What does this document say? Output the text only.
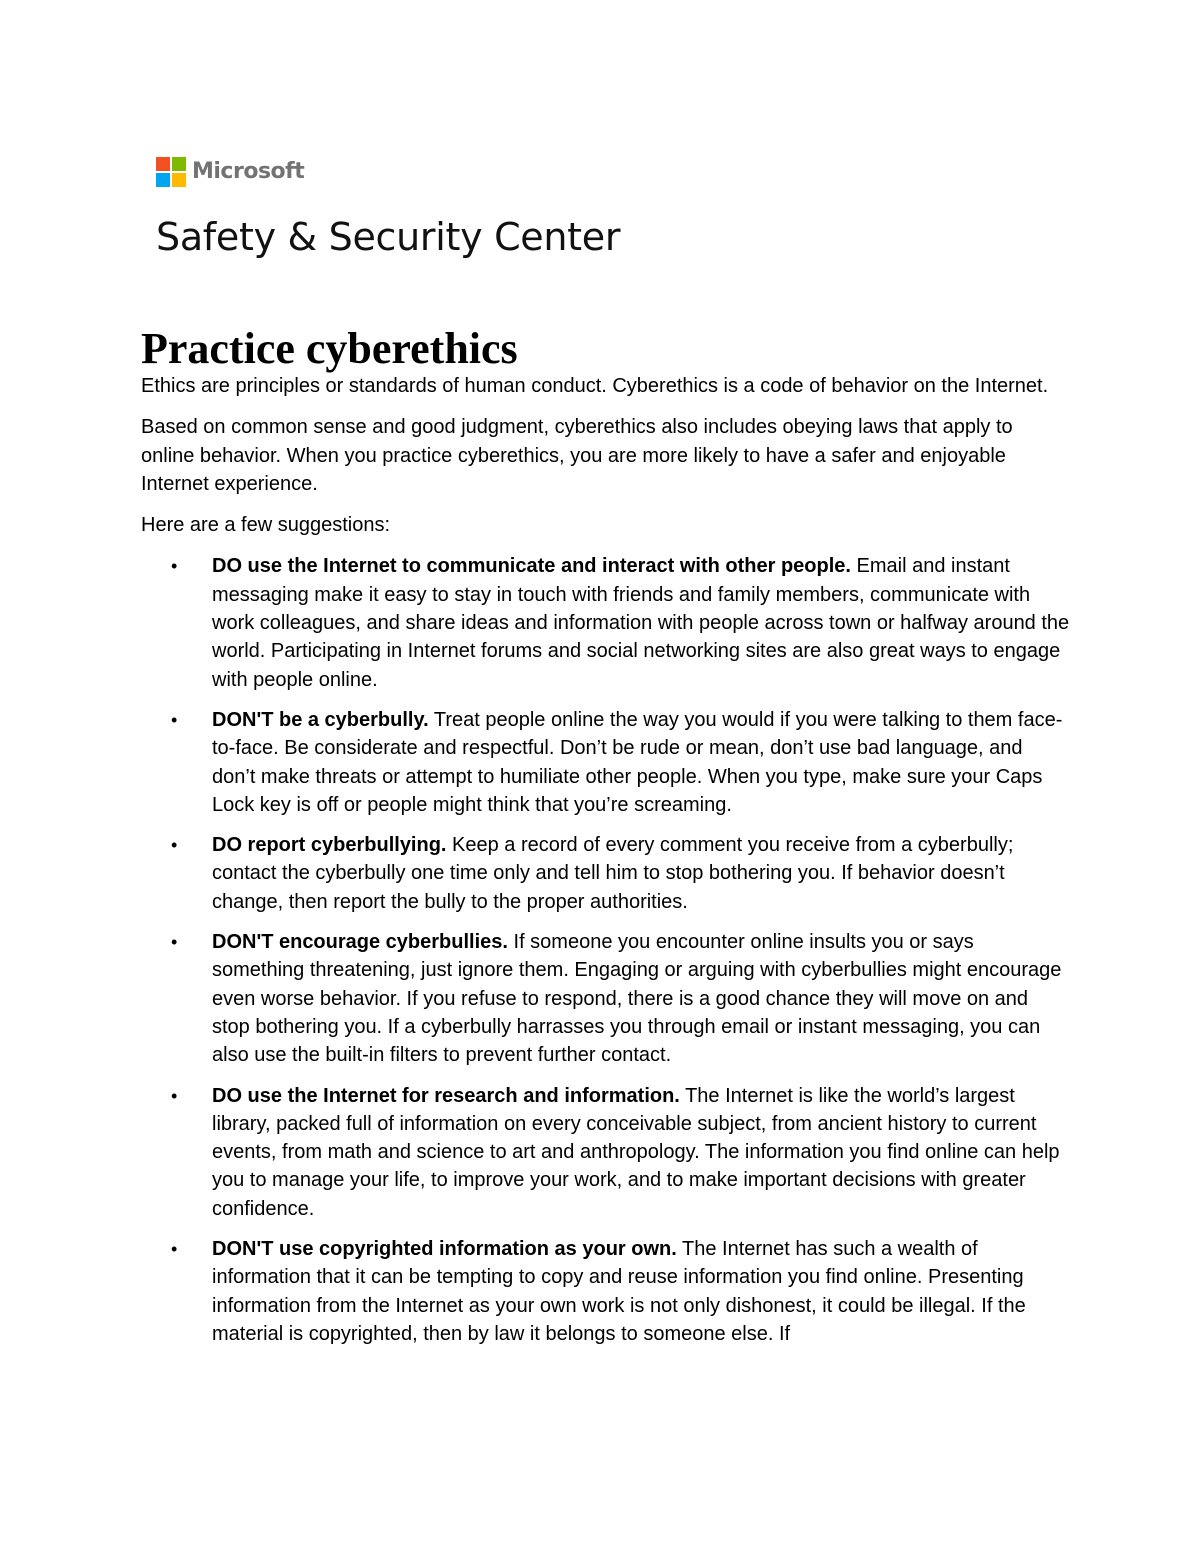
Microsoft
Safety & Security Center
Practice cyberethics

Ethics are principles or standards of human conduct. Cyberethics is a code of behavior on the Internet.

Based on common sense and good judgment, cyberethics also includes obeying laws that apply to online behavior. When you practice cyberethics, you are more likely to have a safer and enjoyable Internet experience.

Here are a few suggestions:

• DO use the Internet to communicate and interact with other people. Email and instant messaging make it easy to stay in touch with friends and family members, communicate with work colleagues, and share ideas and information with people across town or halfway around the world. Participating in Internet forums and social networking sites are also great ways to engage with people online.
• DON'T be a cyberbully. Treat people online the way you would if you were talking to them face-to-face. Be considerate and respectful. Don’t be rude or mean, don’t use bad language, and don’t make threats or attempt to humiliate other people. When you type, make sure your Caps Lock key is off or people might think that you’re screaming.
• DO report cyberbullying. Keep a record of every comment you receive from a cyberbully; contact the cyberbully one time only and tell him to stop bothering you. If behavior doesn’t change, then report the bully to the proper authorities.
• DON'T encourage cyberbullies. If someone you encounter online insults you or says something threatening, just ignore them. Engaging or arguing with cyberbullies might encourage even worse behavior. If you refuse to respond, there is a good chance they will move on and stop bothering you. If a cyberbully harrasses you through email or instant messaging, you can also use the built-in filters to prevent further contact.
• DO use the Internet for research and information. The Internet is like the world’s largest library, packed full of information on every conceivable subject, from ancient history to current events, from math and science to art and anthropology. The information you find online can help you to manage your life, to improve your work, and to make important decisions with greater confidence.
• DON'T use copyrighted information as your own. The Internet has such a wealth of information that it can be tempting to copy and reuse information you find online. Presenting information from the Internet as your own work is not only dishonest, it could be illegal. If the material is copyrighted, then by law it belongs to someone else. If
